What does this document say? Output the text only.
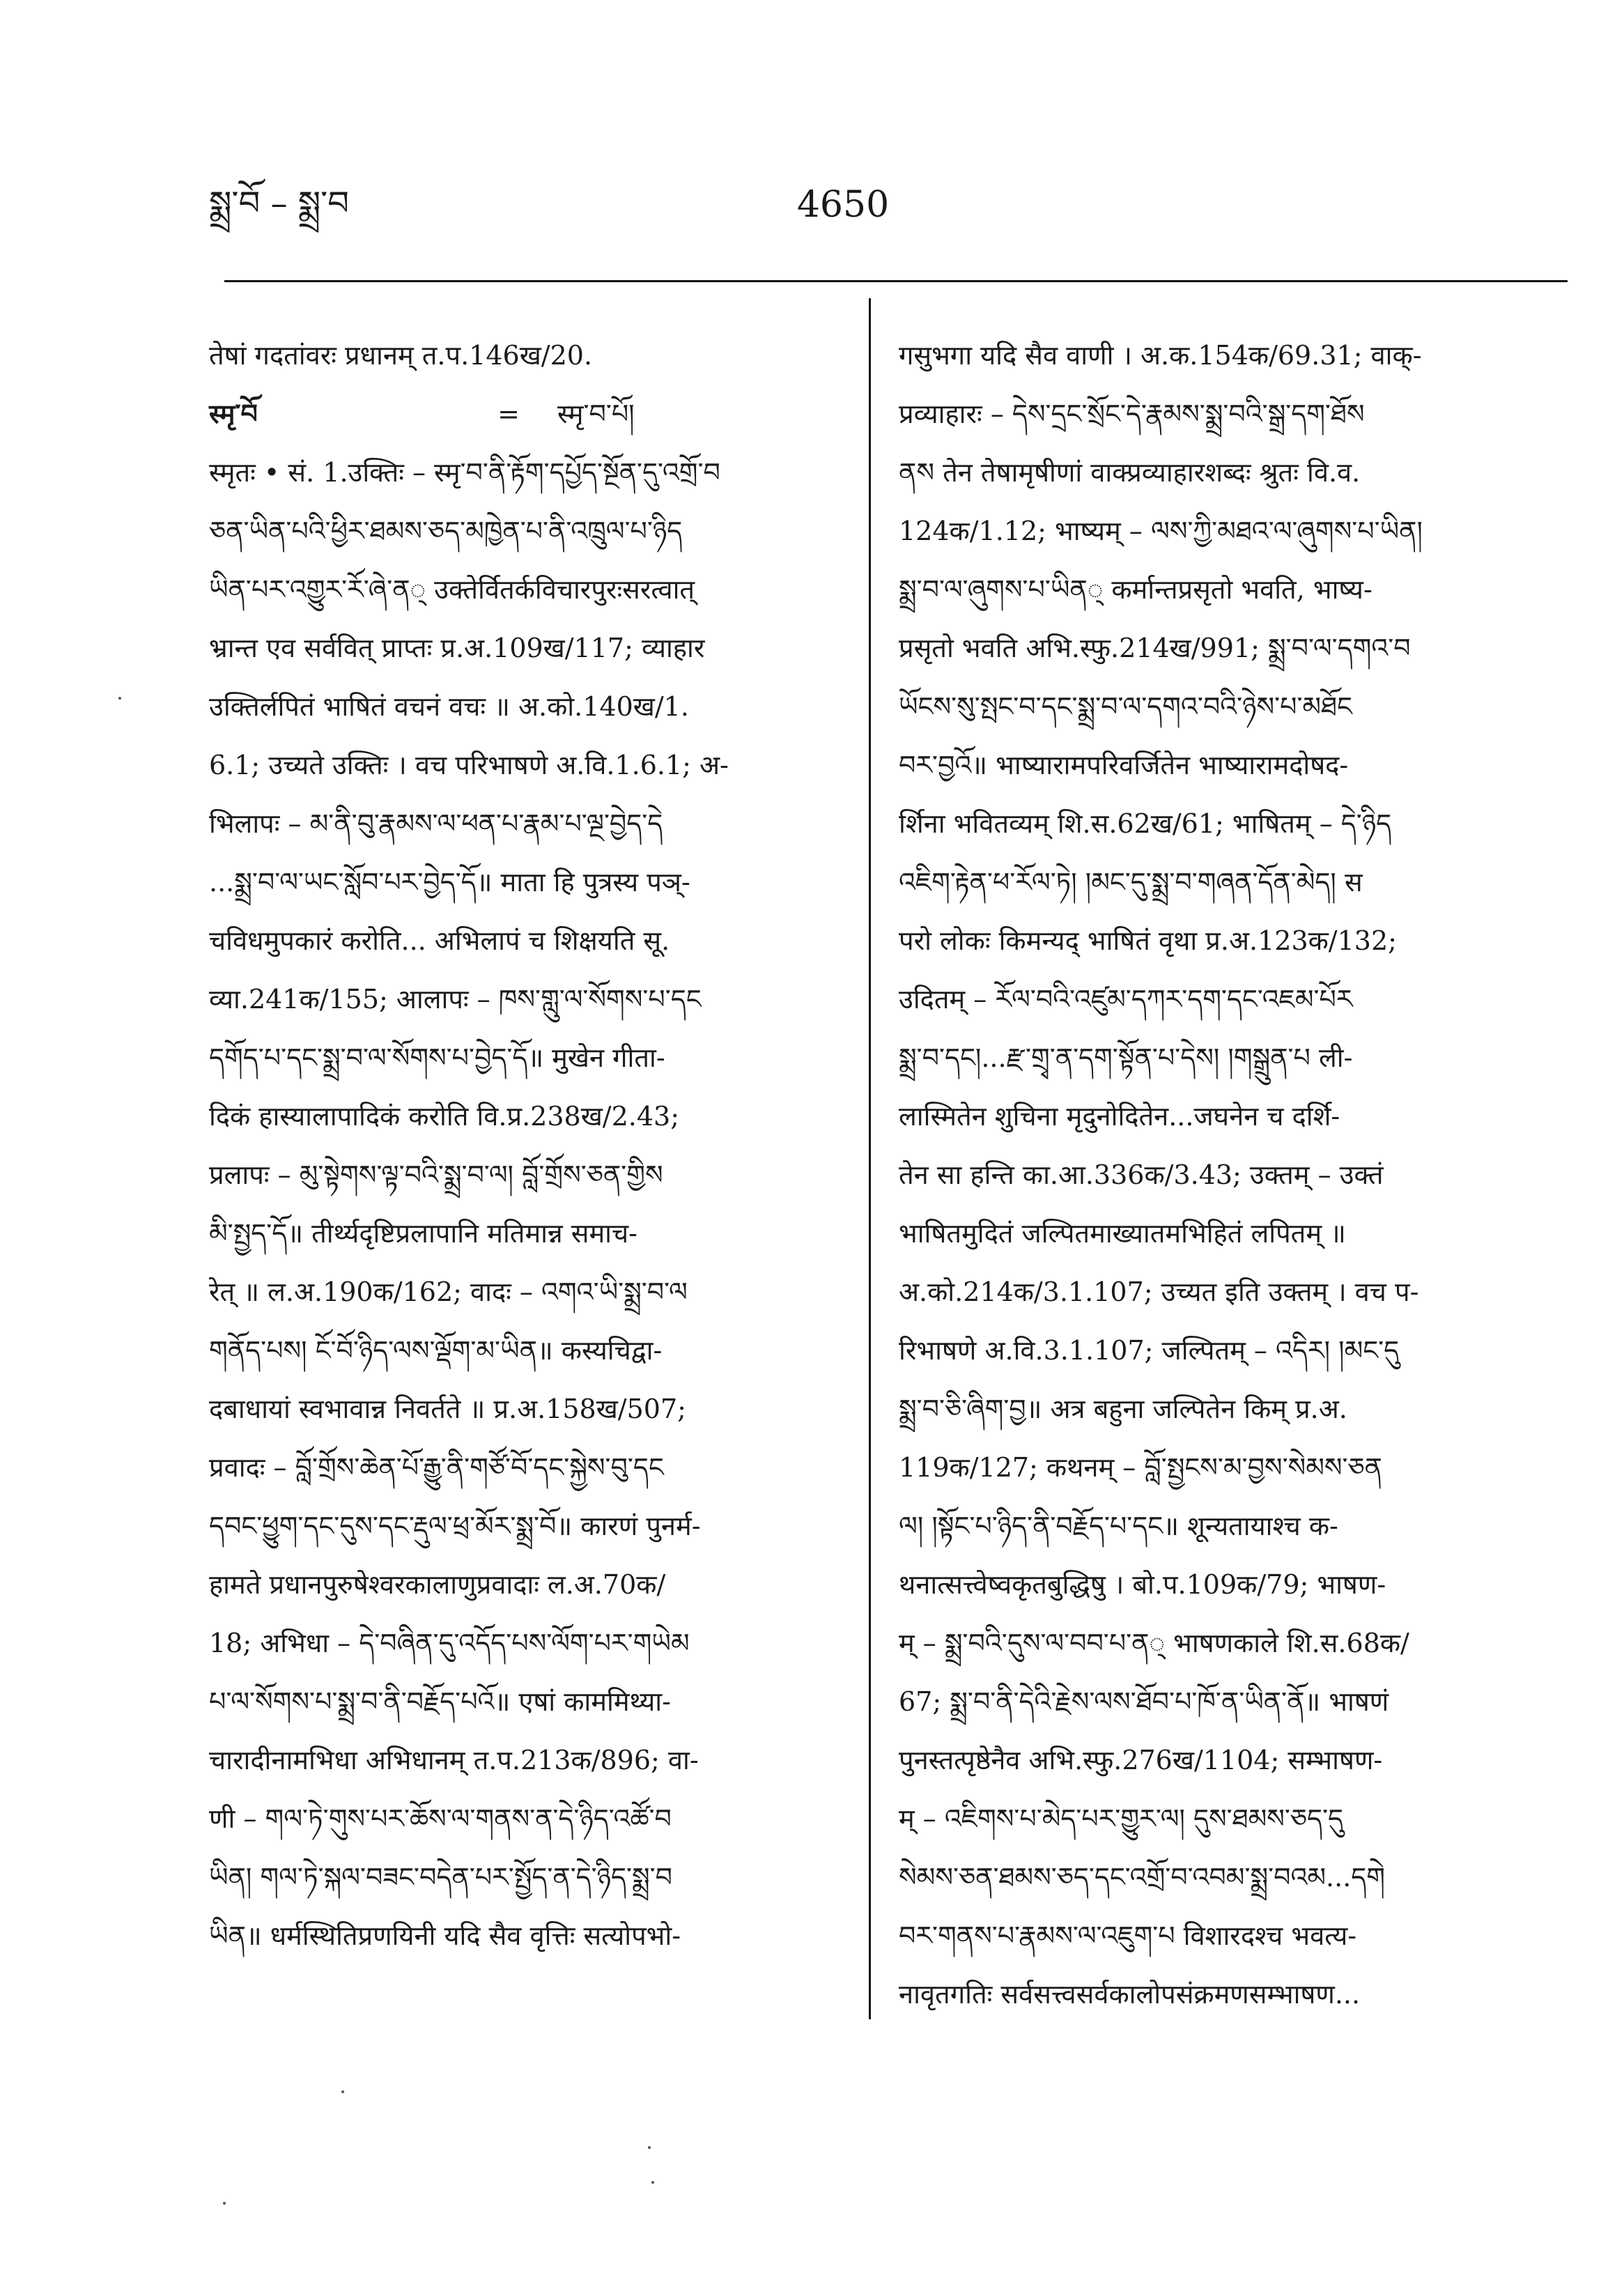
སྨྲ་བོ – སྨྲ་བ	4650
तेषां गदतांवरः प्रधानम् त.प.146ख/20.
स्मृ་བོ	=	स्मृ་བ་པོ།
स्मृतः • सं. 1.उक्तिः – स्मृ་བ་ནི་རྟོག་དཔྱོད་སྔོན་དུ་འགྲོ་བ
ཅན་ཡིན་པའི་ཕྱིར་ཐམས་ཅད་མཁྱེན་པ་ནི་འཁྲུལ་པ་ཉིད
ཡིན་པར་འགྱུར་རོ་ཞེ་ན् उक्तेर्वितर्कविचारपुरःसरत्वात्
भ्रान्त एव सर्ववित् प्राप्तः प्र.अ.109ख/117; व्याहार
उक्तिर्लपितं भाषितं वचनं वचः ॥ अ.को.140ख/1.
6.1; उच्यते उक्तिः । वच परिभाषणे अ.वि.1.6.1; अ-
भिलापः – མ་ནི་བུ་རྣམས་ལ་ཕན་པ་རྣམ་པ་ལྔ་བྱེད་དེ
...སྨྲ་བ་ལ་ཡང་སློབ་པར་བྱེད་དོ॥ माता हि पुत्रस्य पञ्-
चविधमुपकारं करोति... अभिलापं च शिक्षयति सू.
व्या.241क/155; आलापः – ཁས་གླུ་ལ་སོགས་པ་དང
དགོད་པ་དང་སྨྲ་བ་ལ་སོགས་པ་བྱེད་དོ॥ मुखेन गीता-
दिकं हास्यालापादिकं करोति वि.प्र.238ख/2.43;
प्रलापः – མུ་སྟེགས་ལྟ་བའི་སྨྲ་བ་ལ། བློ་གྲོས་ཅན་གྱིས
མི་སྤྱད་དོ॥ तीर्थ्यदृष्टिप्रलापानि मतिमान्न समाच-
रेत् ॥ ल.अ.190क/162; वादः – འགའ་ཡི་སྨྲ་བ་ལ
གནོད་པས། ངོ་བོ་ཉིད་ལས་ལྡོག་མ་ཡིན॥ कस्यचिद्वा-
दबाधायां स्वभावान्न निवर्तते ॥ प्र.अ.158ख/507;
प्रवादः – བློ་གྲོས་ཆེན་པོ་རྒྱུ་ནི་གཙོ་བོ་དང་སྐྱེས་བུ་དང
དབང་ཕྱུག་དང་དུས་དང་རྡུལ་ཕྲ་མོར་སྨྲ་བོ॥ कारणं पुनर्म-
हामते प्रधानपुरुषेश्वरकालाणुप्रवादाः ल.अ.70क/
18; अभिधा – དེ་བཞིན་དུ་འདོད་པས་ལོག་པར་གཡེམ
པ་ལ་སོགས་པ་སྨྲ་བ་ནི་བརྗོད་པའོ॥ एषां काममिथ्या-
चारादीनामभिधा अभिधानम् त.प.213क/896; वा-
णी – གལ་ཏེ་གུས་པར་ཆོས་ལ་གནས་ན་དེ་ཉིད་འཚོ་བ
ཡིན། གལ་ཏེ་སྐལ་བཟང་བདེན་པར་སྤྱོད་ན་དེ་ཉིད་སྨྲ་བ
ཡིན॥ धर्मस्थितिप्रणयिनी यदि सैव वृत्तिः सत्योपभो-
गसुभगा यदि सैव वाणी । अ.क.154क/69.31; वाक्-
प्रव्याहारः – དེས་དྲང་སྲོང་དེ་རྣམས་སྨྲ་བའི་སྒྲ་དག་ཐོས
ནས तेन तेषामृषीणां वाक्प्रव्याहारशब्दः श्रुतः वि.व.
124क/1.12; भाष्यम् – ལས་ཀྱི་མཐའ་ལ་ཞུགས་པ་ཡིན།
སྨྲ་བ་ལ་ཞུགས་པ་ཡིན् कर्मान्तप्रसृतो भवति, भाष्य-
प्रसृतो भवति अभि.स्फु.214ख/991; སྨྲ་བ་ལ་དགའ་བ
ཡོངས་སུ་སྤང་བ་དང་སྨྲ་བ་ལ་དགའ་བའི་ཉེས་པ་མཐོང
བར་བྱའོ॥ भाष्यारामपरिवर्जितेन भाष्यारामदोषद-
र्शिना भवितव्यम् शि.स.62ख/61; भाषितम् – དེ་ཉིད
འཇིག་རྟེན་ཕ་རོལ་ཏེ། །མང་དུ་སྨྲ་བ་གཞན་དོན་མེད། स
परो लोकः किमन्यद् भाषितं वृथा प्र.अ.123क/132;
उदितम् – རོལ་བའི་འཛུམ་དཀར་དག་དང་འཇམ་པོར
སྨྲ་བ་དང།...རྫ་གྲྭ་ན་དག་སྟོན་པ་དེས། །གསྒྲུན་པ ली-
लास्मितेन शुचिना मृदुनोदितेन...जघनेन च दर्शि-
तेन सा हन्ति का.आ.336क/3.43; उक्तम् – उक्तं
भाषितमुदितं जल्पितमाख्यातमभिहितं लपितम् ॥
अ.को.214क/3.1.107; उच्यत इति उक्तम् । वच प-
रिभाषणे अ.वि.3.1.107; जल्पितम् – འདིར། །མང་དུ
སྨྲ་བ་ཅི་ཞིག་བྱ॥ अत्र बहुना जल्पितेन किम् प्र.अ.
119क/127; कथनम् – བློ་སྤྱངས་མ་བྱས་སེམས་ཅན
ལ། །སྟོང་པ་ཉིད་ནི་བརྗོད་པ་དང॥ शून्यतायाश्च क-
थनात्सत्त्वेष्वकृतबुद्धिषु । बो.प.109क/79; भाषण-
म् – སྨྲ་བའི་དུས་ལ་བབ་པ་ན् भाषणकाले शि.स.68क/
67; སྨྲ་བ་ནི་དེའི་རྗེས་ལས་ཐོབ་པ་ཁོ་ན་ཡིན་ནོ॥ भाषणं
पुनस्तत्पृष्ठेनैव अभि.स्फु.276ख/1104; सम्भाषण-
म् – འཇིགས་པ་མེད་པར་གྱུར་ལ། དུས་ཐམས་ཅད་དུ
སེམས་ཅན་ཐམས་ཅད་དང་འགྲོ་བ་འབམ་སྨྲ་བའམ...དགེ
བར་གནས་པ་རྣམས་ལ་འཇུག་པ विशारदश्च भवत्य-
नावृतगतिः सर्वसत्त्वसर्वकालोपसंक्रमणसम्भाषण...
